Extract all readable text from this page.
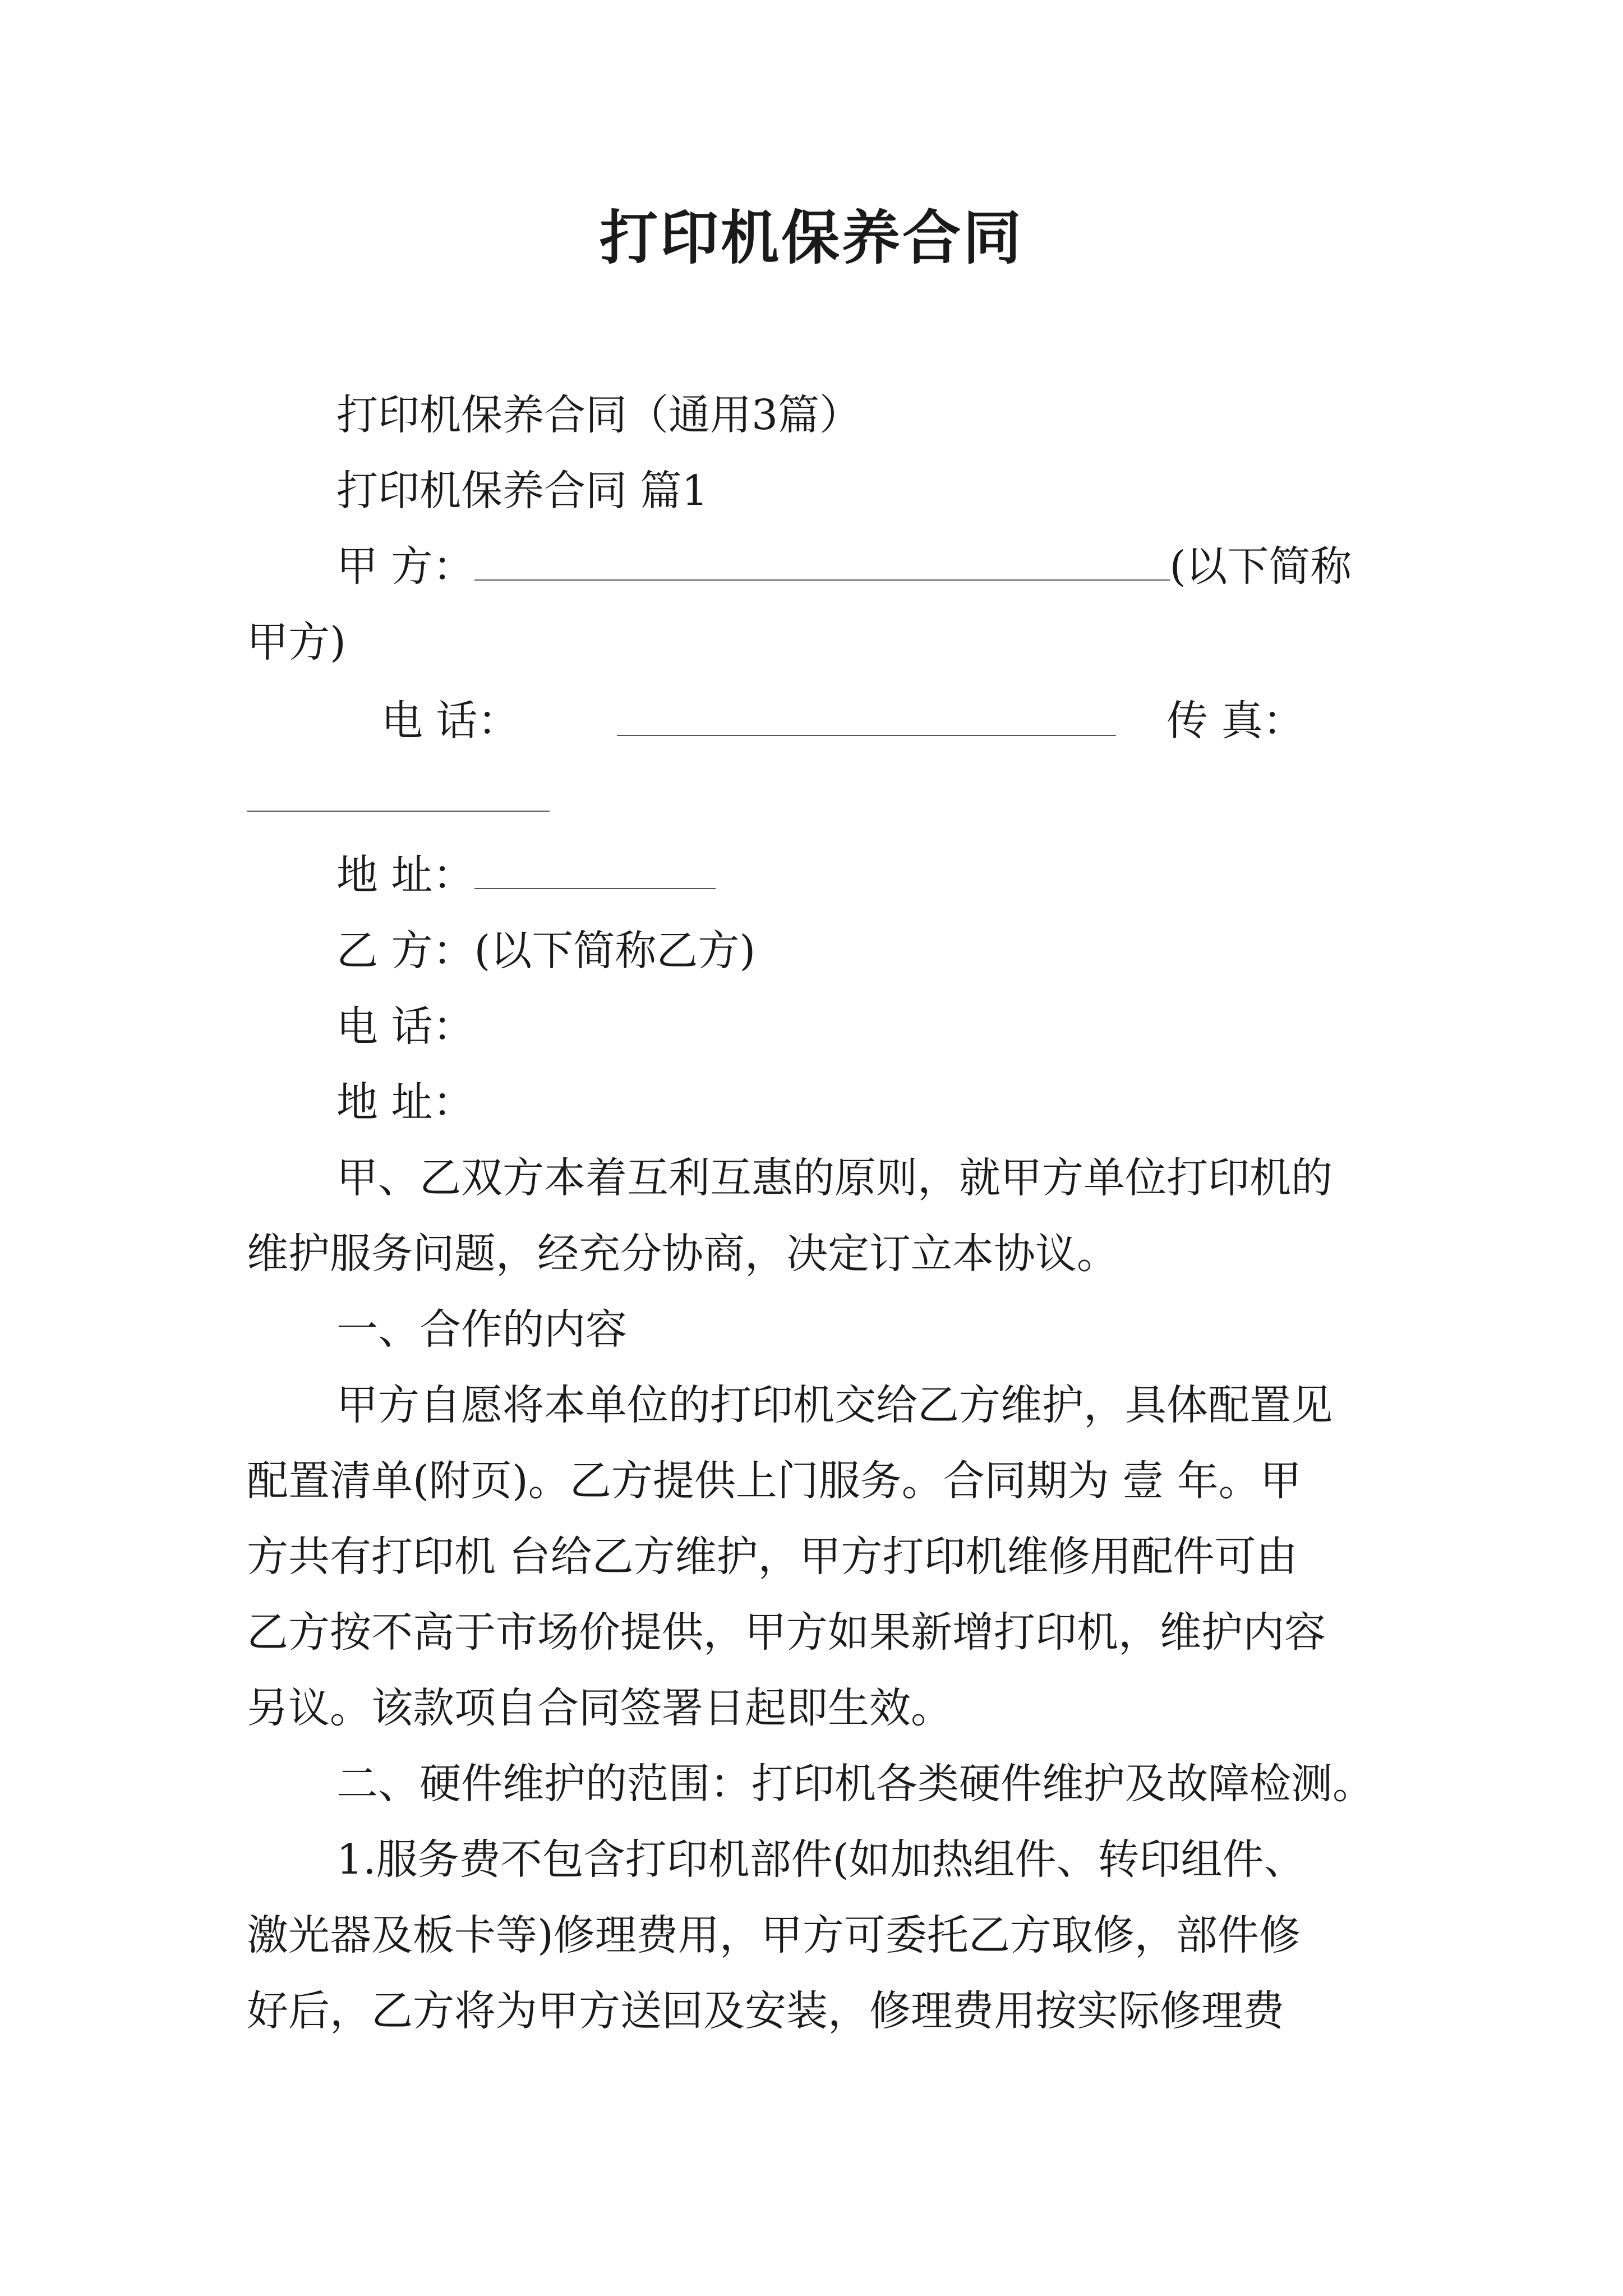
打印机保养合同
打印机保养合同（通用3篇）
打印机保养合同 篇1
甲 方：	(以下简称
甲方)
电 话：	传 真：
地 址：
乙 方：(以下简称乙方)
电 话：
地 址：
甲、乙双方本着互利互惠的原则，就甲方单位打印机的
维护服务问题，经充分协商，决定订立本协议。
一、合作的内容
甲方自愿将本单位的打印机交给乙方维护，具体配置见
配置清单(附页)。乙方提供上门服务。合同期为 壹 年。甲
方共有打印机 台给乙方维护，甲方打印机维修用配件可由
乙方按不高于市场价提供，甲方如果新增打印机，维护内容
另议。该款项自合同签署日起即生效。
二、硬件维护的范围：打印机各类硬件维护及故障检测。
1.服务费不包含打印机部件(如加热组件、转印组件、
激光器及板卡等)修理费用，甲方可委托乙方取修，部件修
好后，乙方将为甲方送回及安装，修理费用按实际修理费
